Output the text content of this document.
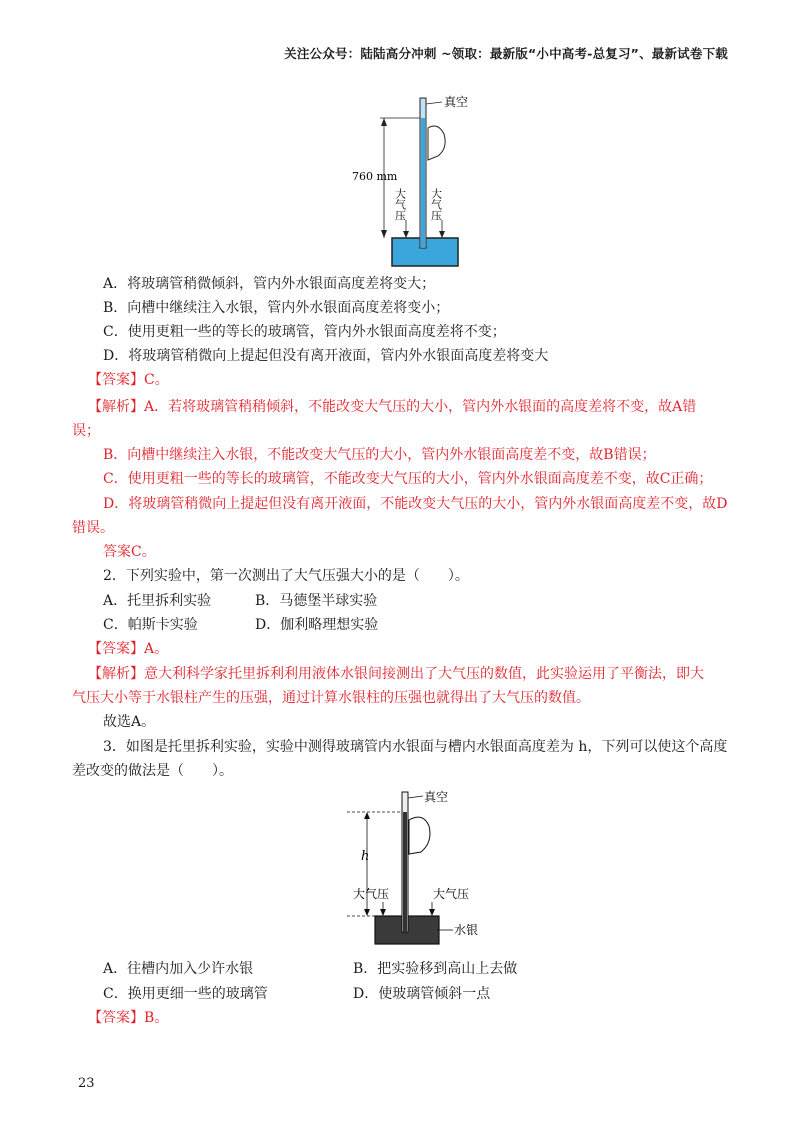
关注公众号：陆陆高分冲刺 ~领取：最新版“小中高考-总复习”、最新试卷下载
真空
760 mm
大气压 大气压
A．将玻璃管稍微倾斜，管内外水银面高度差将变大；
B．向槽中继续注入水银，管内外水银面高度差将变小；
C．使用更粗一些的等长的玻璃管，管内外水银面高度差将不变；
D．将玻璃管稍微向上提起但没有离开液面，管内外水银面高度差将变大
【答案】C。
【解析】A．若将玻璃管稍稍倾斜，不能改变大气压的大小，管内外水银面的高度差将不变，故A错
误；
B．向槽中继续注入水银，不能改变大气压的大小，管内外水银面高度差不变，故B错误；
C．使用更粗一些的等长的玻璃管，不能改变大气压的大小，管内外水银面高度差不变，故C正确；
D．将玻璃管稍微向上提起但没有离开液面，不能改变大气压的大小，管内外水银面高度差不变，故D
错误。
答案C。
2．下列实验中，第一次测出了大气压强大小的是（　　）。
A．托里拆利实验	B．马德堡半球实验
C．帕斯卡实验	D．伽利略理想实验
【答案】A。
【解析】意大利科学家托里拆利利用液体水银间接测出了大气压的数值，此实验运用了平衡法，即大
气压大小等于水银柱产生的压强，通过计算水银柱的压强也就得出了大气压的数值。
故选A。
3．如图是托里拆利实验，实验中测得玻璃管内水银面与槽内水银面高度差为 h，下列可以使这个高度
差改变的做法是（　　）。
真空
h
大气压	大气压
水银
A．往槽内加入少许水银	B．把实验移到高山上去做
C．换用更细一些的玻璃管	D．使玻璃管倾斜一点
【答案】B。
23
